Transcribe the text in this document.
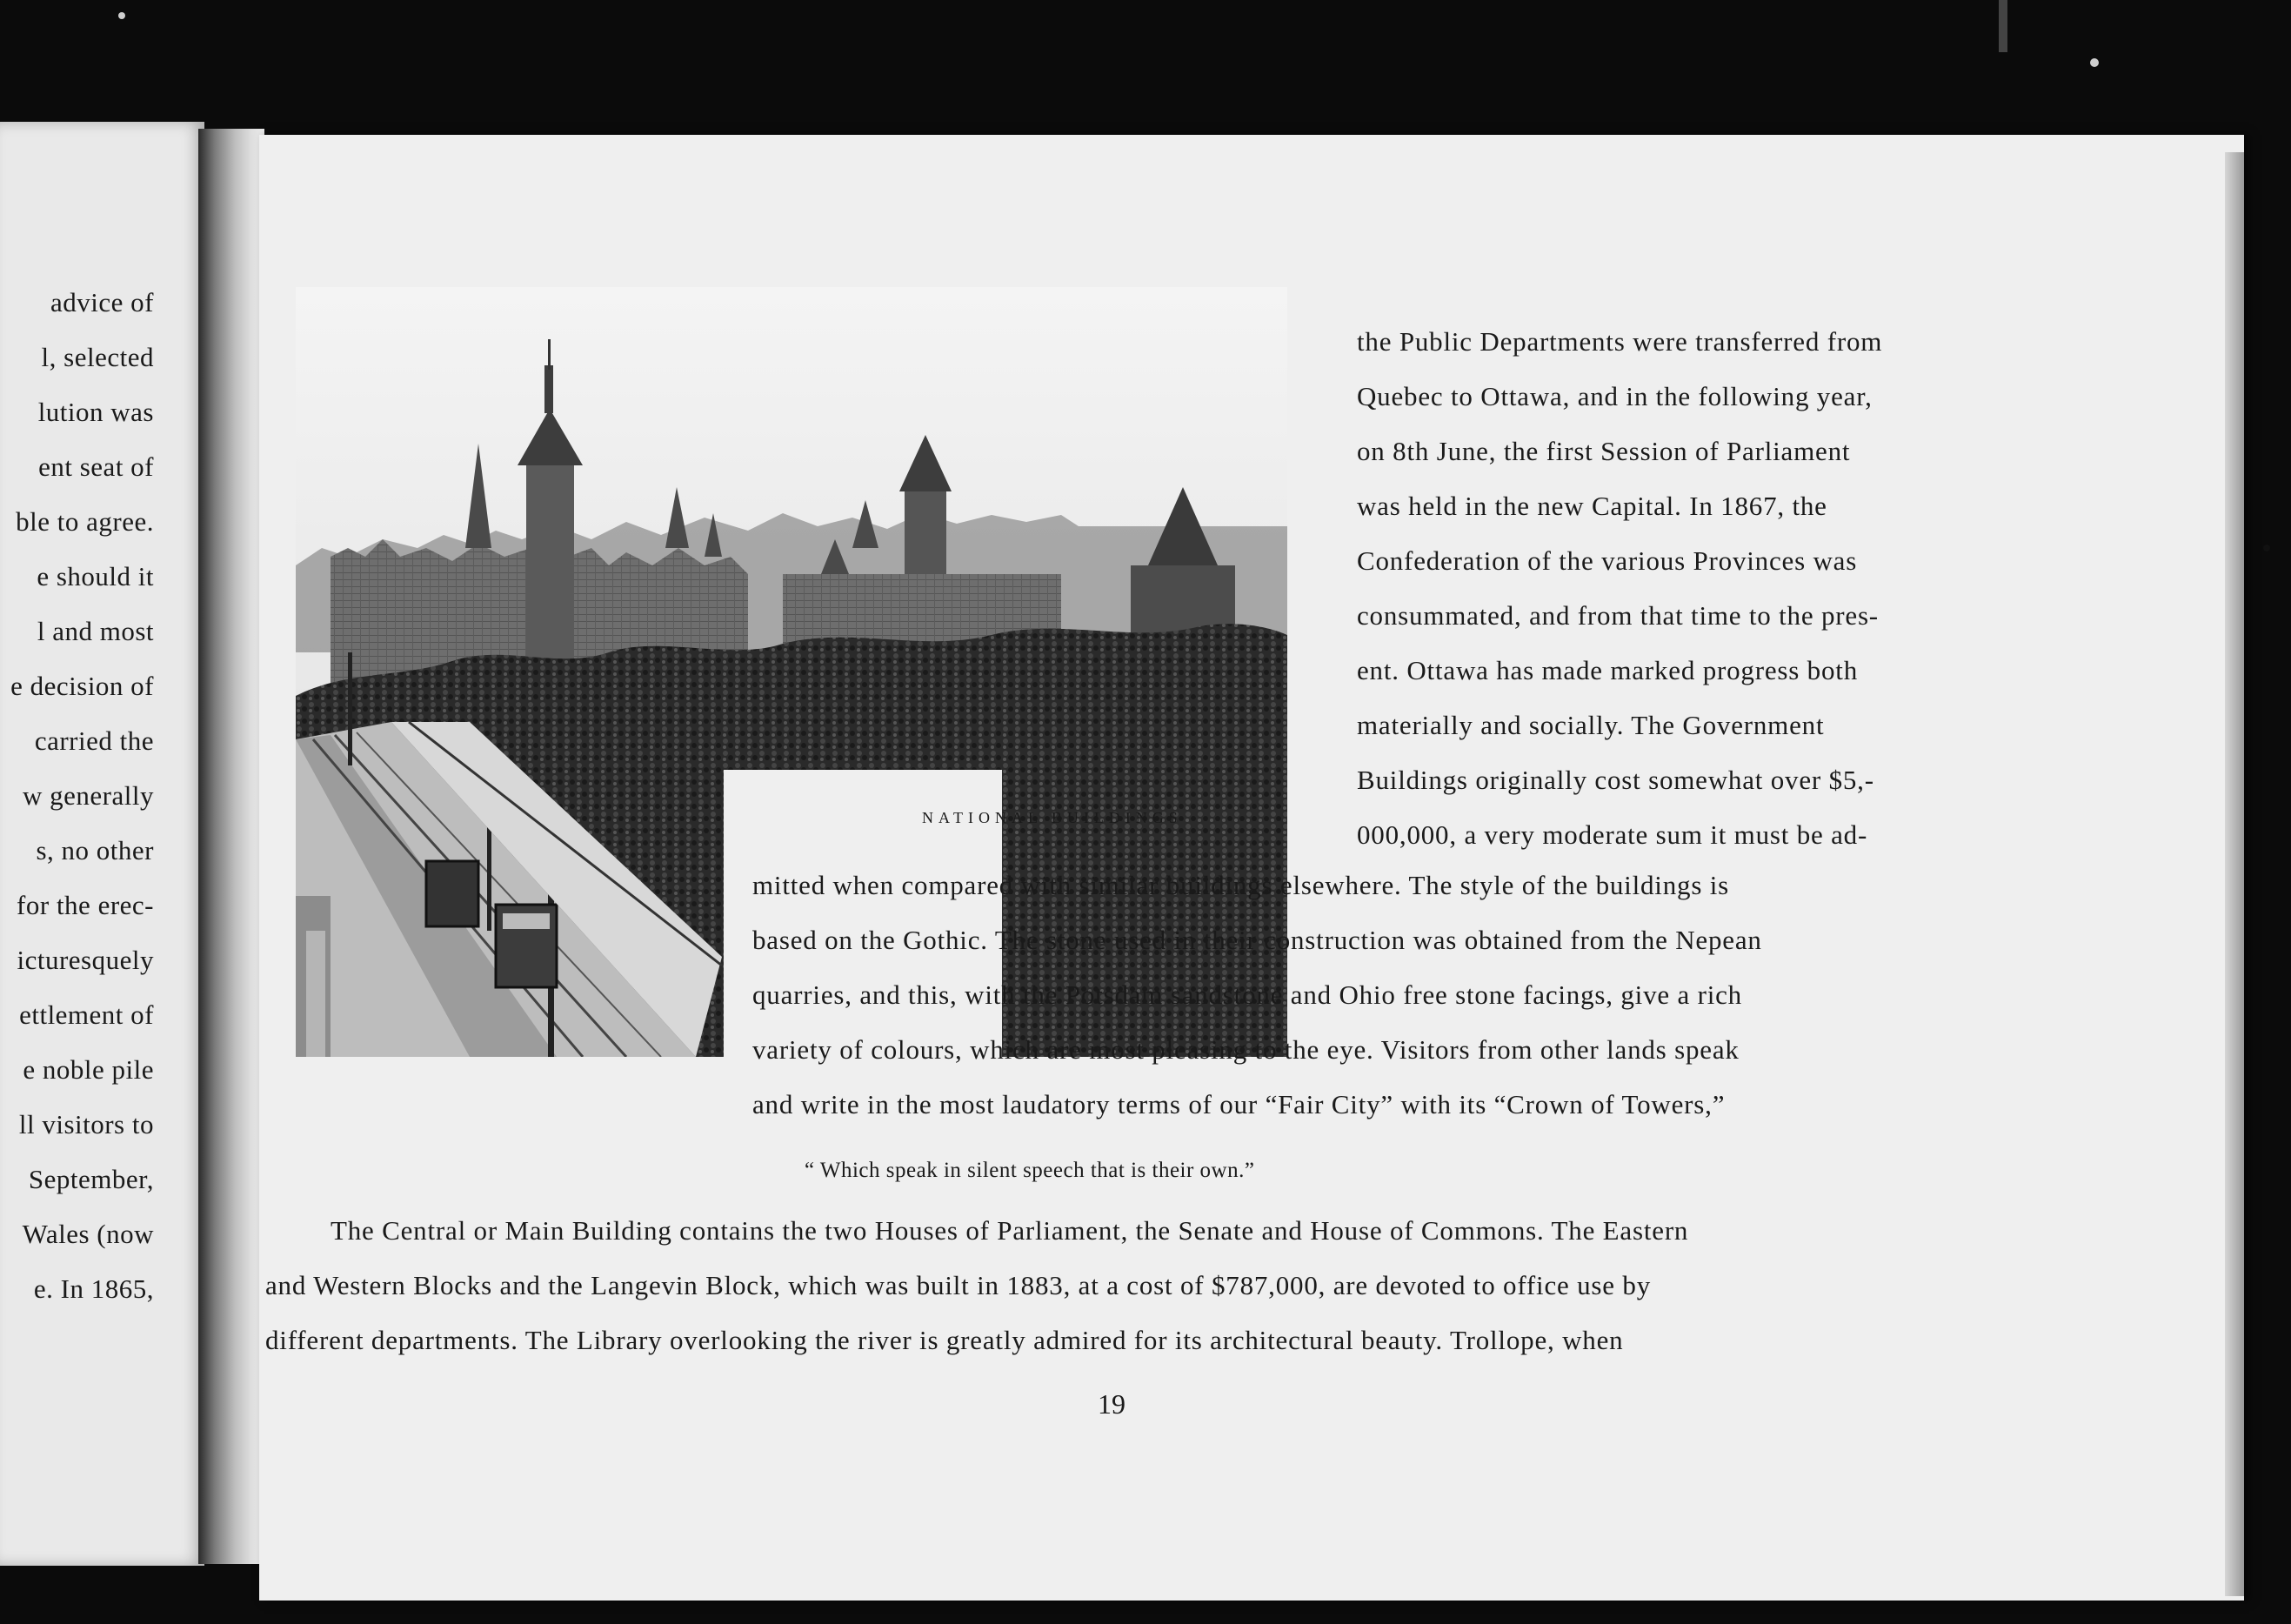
advice of
l, selected
lution was
ent seat of
ble to agree.
e should it
l and most
e decision of
carried the
w generally
s, no other
for the erec-
icturesquely
ettlement of
e noble pile
ll visitors to
September,
Wales (now
e. In 1865,
NATIONAL BUILDINGS
the Public Departments were transferred from
Quebec to Ottawa, and in the following year,
on 8th June, the first Session of Parliament
was held in the new Capital. In 1867, the
Confederation of the various Provinces was
consummated, and from that time to the pres-
ent. Ottawa has made marked progress both
materially and socially. The Government
Buildings originally cost somewhat over $5,-
000,000, a very moderate sum it must be ad-
mitted when compared with similar buildings elsewhere. The style of the buildings is
based on the Gothic. The stone used in their construction was obtained from the Nepean
quarries, and this, with the Potsdam sandstone and Ohio free stone facings, give a rich
variety of colours, which are most pleasing to the eye. Visitors from other lands speak
and write in the most laudatory terms of our “Fair City” with its “Crown of Towers,”
“ Which speak in silent speech that is their own.”
The Central or Main Building contains the two Houses of Parliament, the Senate and House of Commons. The Eastern
and Western Blocks and the Langevin Block, which was built in 1883, at a cost of $787,000, are devoted to office use by
different departments. The Library overlooking the river is greatly admired for its architectural beauty. Trollope, when
19
